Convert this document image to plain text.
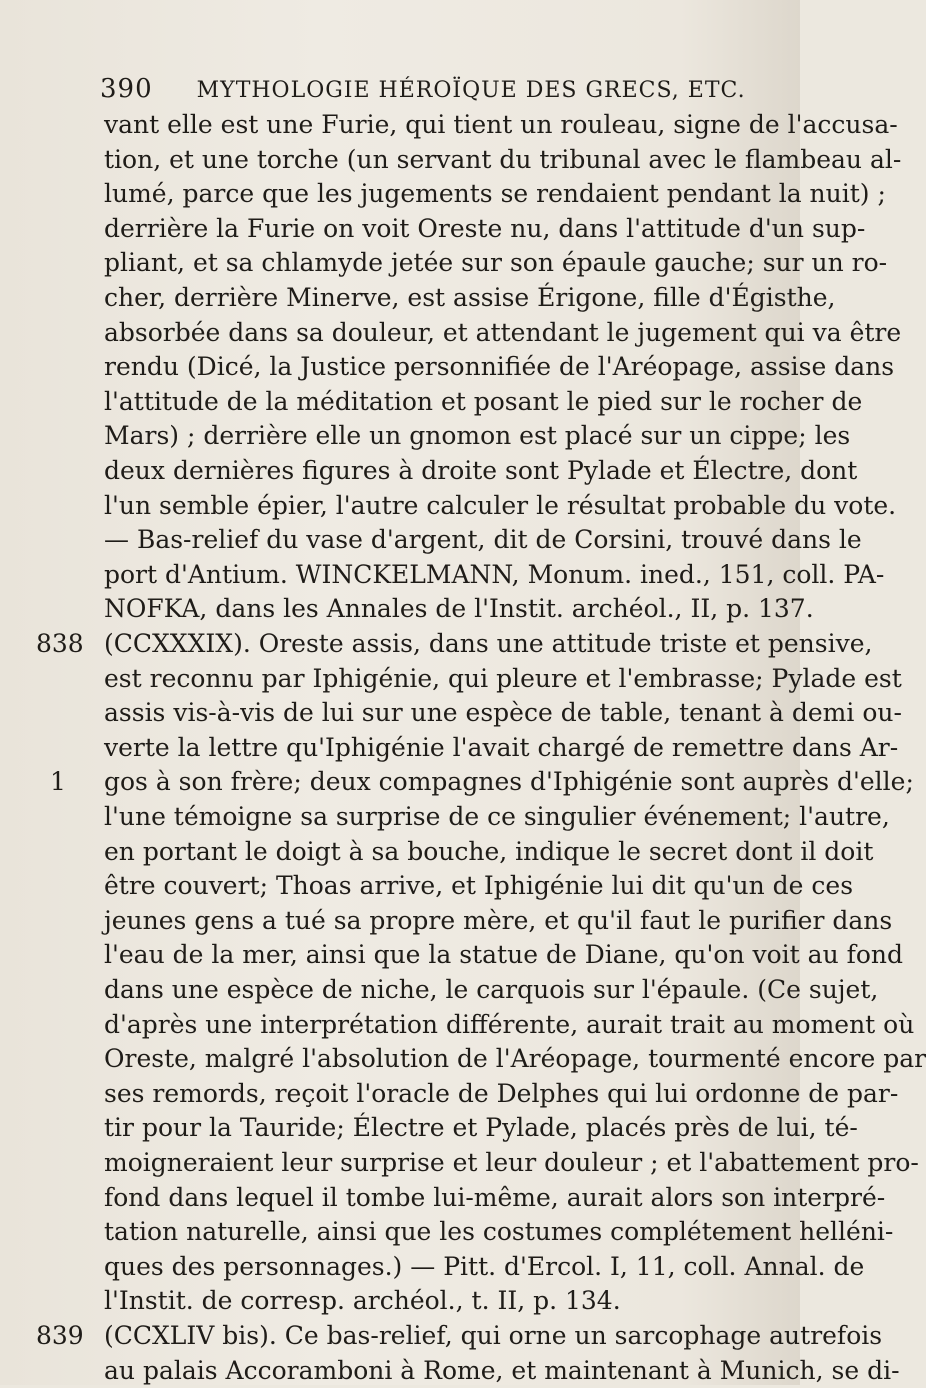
390 MYTHOLOGIE HÉROÏQUE DES GRECS, ETC.
838
1
839
vant elle est une Furie, qui tient un rouleau, signe de l'accusa-
tion, et une torche (un servant du tribunal avec le flambeau al-
lumé, parce que les jugements se rendaient pendant la nuit) ;
derrière la Furie on voit Oreste nu, dans l'attitude d'un sup-
pliant, et sa chlamyde jetée sur son épaule gauche; sur un ro-
cher, derrière Minerve, est assise Érigone, fille d'Égisthe,
absorbée dans sa douleur, et attendant le jugement qui va être
rendu (Dicé, la Justice personnifiée de l'Aréopage, assise dans
l'attitude de la méditation et posant le pied sur le rocher de
Mars) ; derrière elle un gnomon est placé sur un cippe; les
deux dernières figures à droite sont Pylade et Électre, dont
l'un semble épier, l'autre calculer le résultat probable du vote.
— Bas-relief du vase d'argent, dit de Corsini, trouvé dans le
port d'Antium. WINCKELMANN, Monum. ined., 151, coll. PA-
NOFKA, dans les Annales de l'Instit. archéol., II, p. 137.
(CCXXXIX). Oreste assis, dans une attitude triste et pensive,
est reconnu par Iphigénie, qui pleure et l'embrasse; Pylade est
assis vis-à-vis de lui sur une espèce de table, tenant à demi ou-
verte la lettre qu'Iphigénie l'avait chargé de remettre dans Ar-
gos à son frère; deux compagnes d'Iphigénie sont auprès d'elle;
l'une témoigne sa surprise de ce singulier événement; l'autre,
en portant le doigt à sa bouche, indique le secret dont il doit
être couvert; Thoas arrive, et Iphigénie lui dit qu'un de ces
jeunes gens a tué sa propre mère, et qu'il faut le purifier dans
l'eau de la mer, ainsi que la statue de Diane, qu'on voit au fond
dans une espèce de niche, le carquois sur l'épaule. (Ce sujet,
d'après une interprétation différente, aurait trait au moment où
Oreste, malgré l'absolution de l'Aréopage, tourmenté encore par
ses remords, reçoit l'oracle de Delphes qui lui ordonne de par-
tir pour la Tauride; Électre et Pylade, placés près de lui, té-
moigneraient leur surprise et leur douleur ; et l'abattement pro-
fond dans lequel il tombe lui-même, aurait alors son interpré-
tation naturelle, ainsi que les costumes complétement helléni-
ques des personnages.) — Pitt. d'Ercol. I, 11, coll. Annal. de
l'Instit. de corresp. archéol., t. II, p. 134.
(CCXLIV bis). Ce bas-relief, qui orne un sarcophage autrefois
au palais Accoramboni à Rome, et maintenant à Munich, se di-
